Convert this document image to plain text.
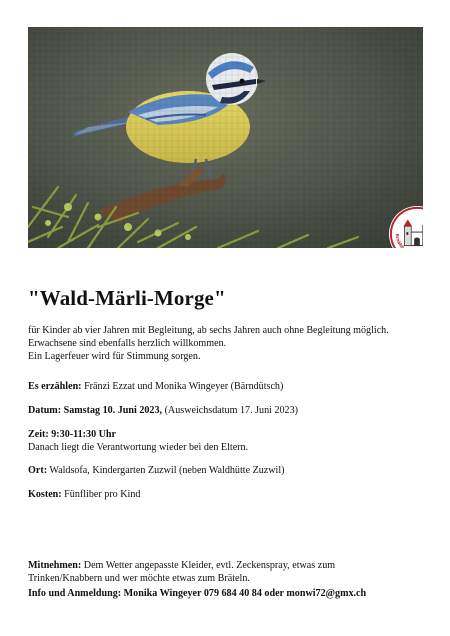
Erzählkreis Märchenkultur
"Wald-Märli-Morge"

für Kinder ab vier Jahren mit Begleitung, ab sechs Jahren auch ohne Begleitung möglich.

Erwachsene sind ebenfalls herzlich willkommen.

Ein Lagerfeuer wird für Stimmung sorgen.

Es erzählen: Fränzi Ezzat und Monika Wingeyer (Bärndütsch)
Datum: Samstag 10. Juni 2023, (Ausweichsdatum 17. Juni 2023)

Zeit: 9:30-11:30 Uhr

Danach liegt die Verantwortung wieder bei den Eltern.

Ort: Waldsofa, Kindergarten Zuzwil (neben Waldhütte Zuzwil)
Kosten: Fünfliber pro Kind

Mitnehmen: Dem Wetter angepasste Kleider, evtl. Zeckenspray, etwas zum

Trinken/Knabbern und wer möchte etwas zum Bräteln.

Info und Anmeldung: Monika Wingeyer 079 684 40 84 oder monwi72@gmx.ch
